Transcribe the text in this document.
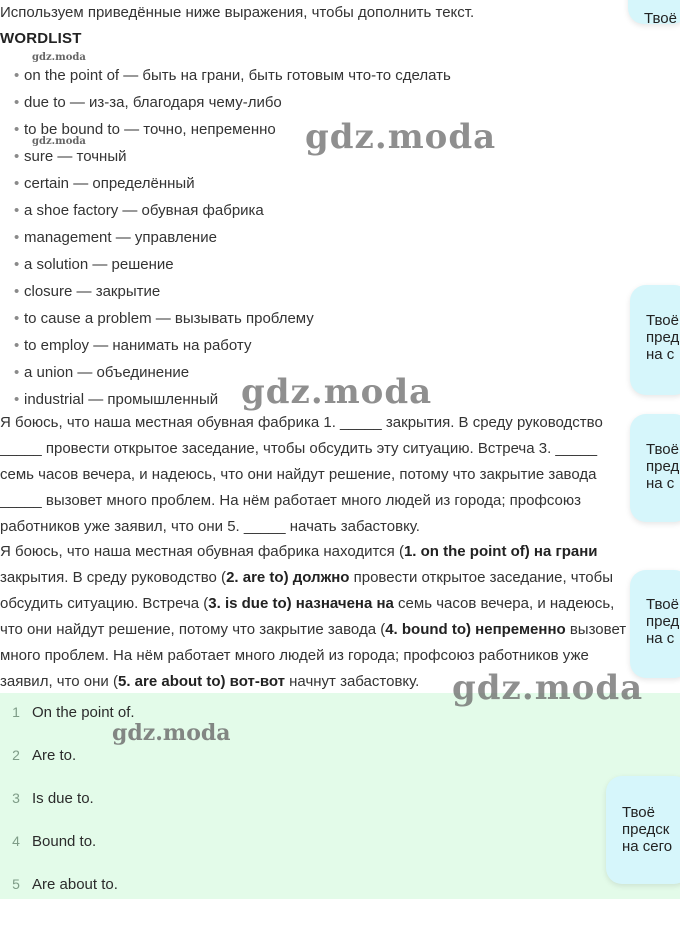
Используем приведённые ниже выражения, чтобы дополнить текст.
WORDLIST
• on the point of — быть на грани, быть готовым что-то сделать
• due to — из-за, благодаря чему-либо
• to be bound to — точно, непременно
• sure — точный
• certain — определённый
• a shoe factory — обувная фабрика
• management — управление
• a solution — решение
• closure — закрытие
• to cause a problem — вызывать проблему
• to employ — нанимать на работу
• a union — объединение
• industrial — промышленный
Я боюсь, что наша местная обувная фабрика 1. _____ закрытия. В среду руководство
_____ провести открытое заседание, чтобы обсудить эту ситуацию. Встреча 3. _____
семь часов вечера, и надеюсь, что они найдут решение, потому что закрытие завода
_____ вызовет много проблем. На нём работает много людей из города; профсоюз
работников уже заявил, что они 5. _____ начать забастовку.
Я боюсь, что наша местная обувная фабрика находится (1. on the point of) на грани
закрытия. В среду руководство (2. are to) должно провести открытое заседание, чтобы
обсудить ситуацию. Встреча (3. is due to) назначена на семь часов вечера, и надеюсь,
что они найдут решение, потому что закрытие завода (4. bound to) непременно вызовет
много проблем. На нём работает много людей из города; профсоюз работников уже
заявил, что они (5. are about to) вот-вот начнут забастовку.
1 On the point of.
2 Are to.
3 Is due to.
4 Bound to.
5 Are about to.
Твоё
Твоё
пред
на с
Твоё
пред
на с
Твоё
пред
на с
Твоё
предск
на сего
gdz.moda
gdz.moda	gdz.moda
gdz.moda
gdz.moda
gdz.moda
